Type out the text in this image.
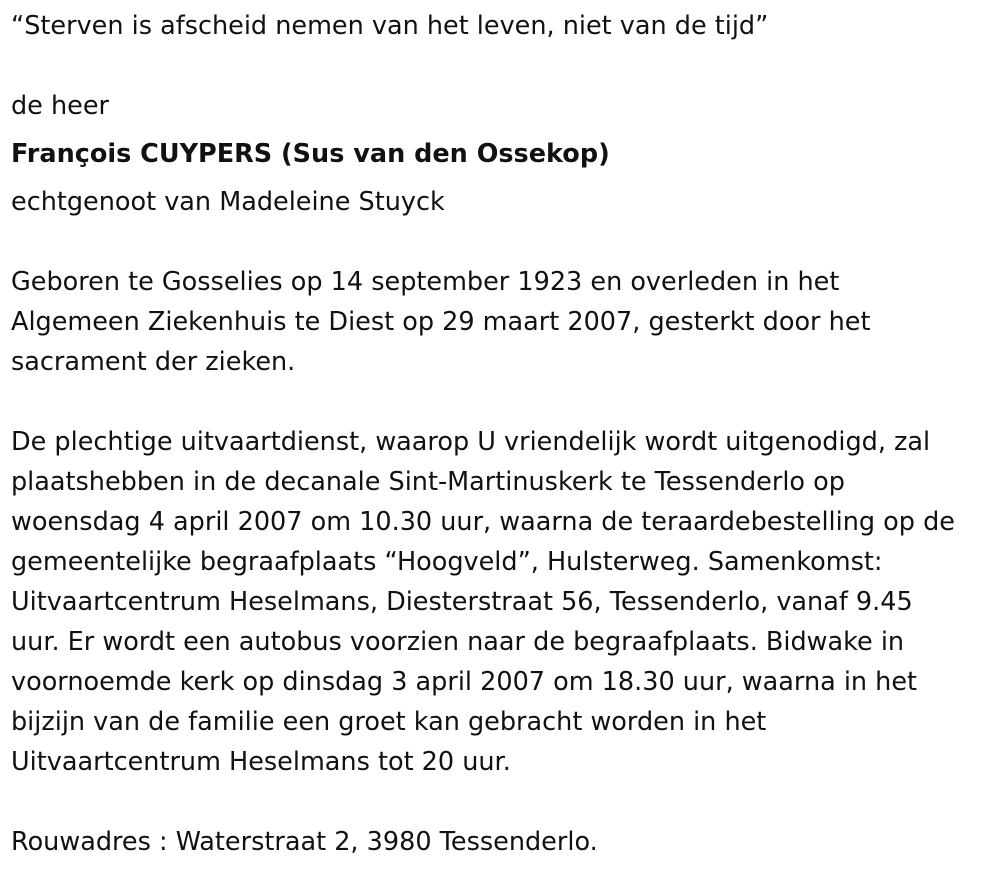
“Sterven is afscheid nemen van het leven, niet van de tijd”
de heer
François CUYPERS (Sus van den Ossekop)
echtgenoot van Madeleine Stuyck
Geboren te Gosselies op 14 september 1923 en overleden in het
Algemeen Ziekenhuis te Diest op 29 maart 2007, gesterkt door het
sacrament der zieken.
De plechtige uitvaartdienst, waarop U vriendelijk wordt uitgenodigd, zal
plaatshebben in de decanale Sint-Martinuskerk te Tessenderlo op
woensdag 4 april 2007 om 10.30 uur, waarna de teraardebestelling op de
gemeentelijke begraafplaats “Hoogveld”, Hulsterweg. Samenkomst:
Uitvaartcentrum Heselmans, Diesterstraat 56, Tessenderlo, vanaf 9.45
uur. Er wordt een autobus voorzien naar de begraafplaats. Bidwake in
voornoemde kerk op dinsdag 3 april 2007 om 18.30 uur, waarna in het
bijzijn van de familie een groet kan gebracht worden in het
Uitvaartcentrum Heselmans tot 20 uur.
Rouwadres : Waterstraat 2, 3980 Tessenderlo.
